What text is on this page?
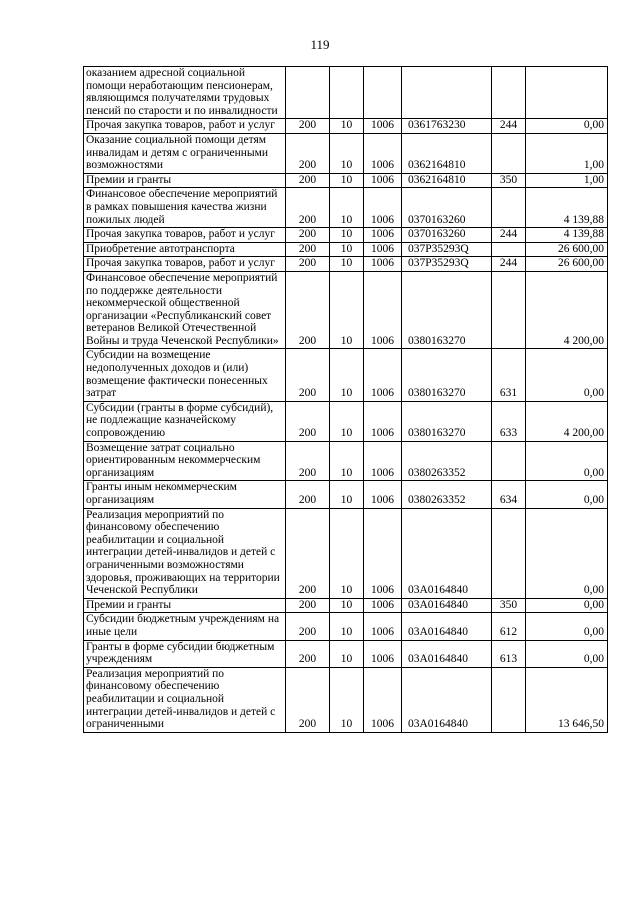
119
оказанием адресной социальной помощи неработающим пенсионерам, являющимся получателями трудовых пенсий по старости и по инвалидности						
Прочая закупка товаров, работ и услуг	200	10	1006	0361763230	244	0,00
Оказание социальной помощи детям инвалидам и детям с ограниченными возможностями	200	10	1006	0362164810		1,00
Премии и гранты	200	10	1006	0362164810	350	1,00
Финансовое обеспечение мероприятий в рамках повышения качества жизни пожилых людей	200	10	1006	0370163260		4 139,88
Прочая закупка товаров, работ и услуг	200	10	1006	0370163260	244	4 139,88
Приобретение автотранспорта	200	10	1006	037P35293Q		26 600,00
Прочая закупка товаров, работ и услуг	200	10	1006	037P35293Q	244	26 600,00
Финансовое обеспечение мероприятий по поддержке деятельности некоммерческой общественной организации «Республиканский совет ветеранов Великой Отечественной Войны и труда Чеченской Республики»	200	10	1006	0380163270		4 200,00
Субсидии на возмещение недополученных доходов и (или) возмещение фактически понесенных затрат	200	10	1006	0380163270	631	0,00
Субсидии (гранты в форме субсидий), не подлежащие казначейскому сопровождению	200	10	1006	0380163270	633	4 200,00
Возмещение затрат социально ориентированным некоммерческим организациям	200	10	1006	0380263352		0,00
Гранты иным некоммерческим организациям	200	10	1006	0380263352	634	0,00
Реализация мероприятий по финансовому обеспечению реабилитации и социальной интеграции детей-инвалидов и детей с ограниченными возможностями здоровья, проживающих на территории Чеченской Республики	200	10	1006	03А0164840		0,00
Премии и гранты	200	10	1006	03А0164840	350	0,00
Субсидии бюджетным учреждениям на иные цели	200	10	1006	03А0164840	612	0,00
Гранты в форме субсидии бюджетным учреждениям	200	10	1006	03А0164840	613	0,00
Реализация мероприятий по финансовому обеспечению реабилитации и социальной интеграции детей-инвалидов и детей с ограниченными	200	10	1006	03А0164840		13 646,50
